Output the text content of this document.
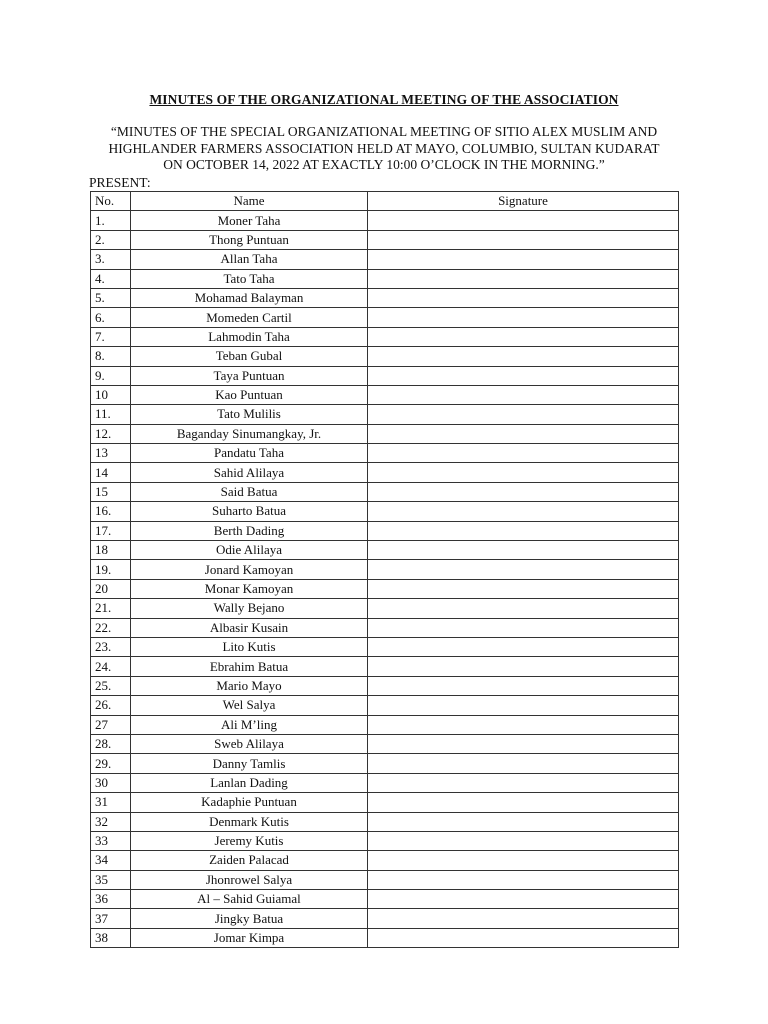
MINUTES OF THE ORGANIZATIONAL MEETING OF THE ASSOCIATION
“MINUTES OF THE SPECIAL ORGANIZATIONAL MEETING OF SITIO ALEX MUSLIM AND
HIGHLANDER FARMERS ASSOCIATION HELD AT MAYO, COLUMBIO, SULTAN KUDARAT
ON OCTOBER 14, 2022 AT EXACTLY 10:00 O’CLOCK IN THE MORNING.”
PRESENT:
No.	Name	Signature
1.	Moner Taha	
2.	Thong Puntuan	
3.	Allan Taha	
4.	Tato Taha	
5.	Mohamad Balayman	
6.	Momeden Cartil	
7.	Lahmodin Taha	
8.	Teban Gubal	
9.	Taya Puntuan	
10	Kao Puntuan	
11.	Tato Mulilis	
12.	Baganday Sinumangkay, Jr.	
13	Pandatu Taha	
14	Sahid Alilaya	
15	Said Batua	
16.	Suharto Batua	
17.	Berth Dading	
18	Odie Alilaya	
19.	Jonard Kamoyan	
20	Monar Kamoyan	
21.	Wally Bejano	
22.	Albasir Kusain	
23.	Lito Kutis	
24.	Ebrahim Batua	
25.	Mario Mayo	
26.	Wel Salya	
27	Ali M’ling	
28.	Sweb Alilaya	
29.	Danny Tamlis	
30	Lanlan Dading	
31	Kadaphie Puntuan	
32	Denmark Kutis	
33	Jeremy Kutis	
34	Zaiden Palacad	
35	Jhonrowel Salya	
36	Al – Sahid Guiamal	
37	Jingky Batua	
38	Jomar Kimpa	
